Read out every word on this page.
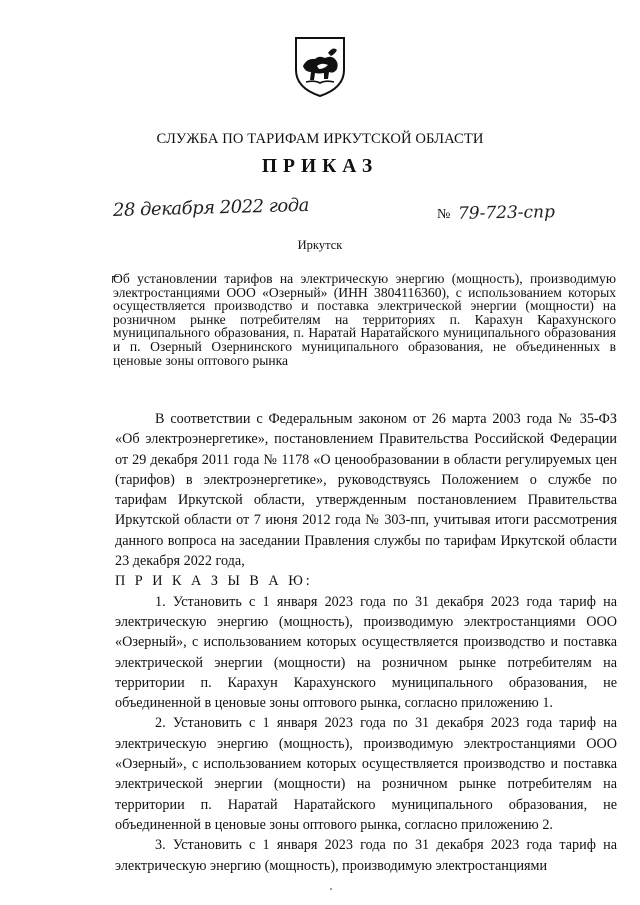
СЛУЖБА ПО ТАРИФАМ ИРКУТСКОЙ ОБЛАСТИ
ПРИКАЗ
28 декабря 2022 года	№ 79-723-спр
Иркутск
Об установлении тарифов на электрическую энергию (мощность), производимую электростанциями ООО «Озерный» (ИНН 3804116360), с использованием которых осуществляется производство и поставка электрической энергии (мощности) на розничном рынке потребителям на территориях п. Карахун Карахунского муниципального образования, п. Наратай Наратайского муниципального образования и п. Озерный Озернинского муниципального образования, не объединенных в ценовые зоны оптового рынка

В соответствии с Федеральным законом от 26 марта 2003 года № 35-ФЗ «Об электроэнергетике», постановлением Правительства Российской Федерации от 29 декабря 2011 года № 1178 «О ценообразовании в области регулируемых цен (тарифов) в электроэнергетике», руководствуясь Положением о службе по тарифам Иркутской области, утвержденным постановлением Правительства Иркутской области от 7 июня 2012 года № 303-пп, учитывая итоги рассмотрения данного вопроса на заседании Правления службы по тарифам Иркутской области 23 декабря 2022 года,

П Р И К А З Ы В А Ю:

1. Установить с 1 января 2023 года по 31 декабря 2023 года тариф на электрическую энергию (мощность), производимую электростанциями ООО «Озерный», с использованием которых осуществляется производство и поставка электрической энергии (мощности) на розничном рынке потребителям на территории п. Карахун Карахунского муниципального образования, не объединенной в ценовые зоны оптового рынка, согласно приложению 1.

2. Установить с 1 января 2023 года по 31 декабря 2023 года тариф на электрическую энергию (мощность), производимую электростанциями ООО «Озерный», с использованием которых осуществляется производство и поставка электрической энергии (мощности) на розничном рынке потребителям на территории п. Наратай Наратайского муниципального образования, не объединенной в ценовые зоны оптового рынка, согласно приложению 2.

3. Установить с 1 января 2023 года по 31 декабря 2023 года тариф на электрическую энергию (мощность), производимую электростанциями
